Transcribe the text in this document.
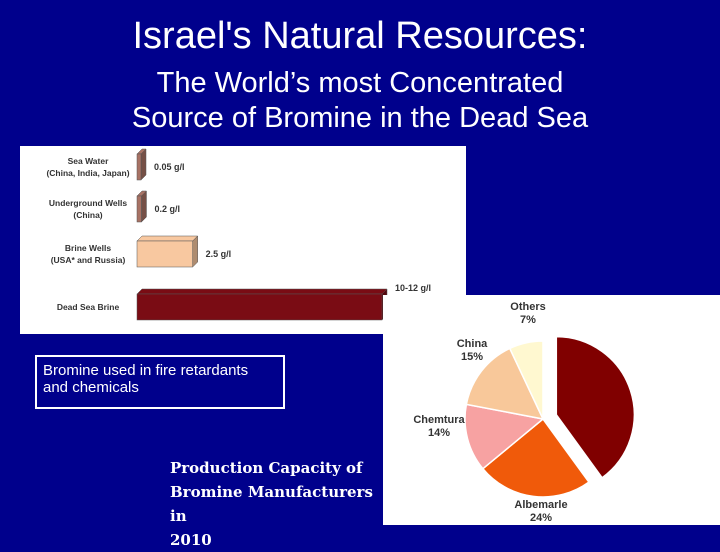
Israel's Natural Resources:
The World’s most Concentrated
Source of Bromine in the Dead Sea
Sea Water
(China, India, Japan)
0.05 g/l
Underground Wells
(China)
0.2 g/l
Brine Wells
(USA* and Russia)
2.5 g/l
Dead Sea Brine
10-12 g/l
ICL
40%
Albemarle
24%
Chemtura
14%
China
15%
Others
7%
Bromine used in fire retardants and chemicals
Production Capacity of
Bromine Manufacturers in
2010
